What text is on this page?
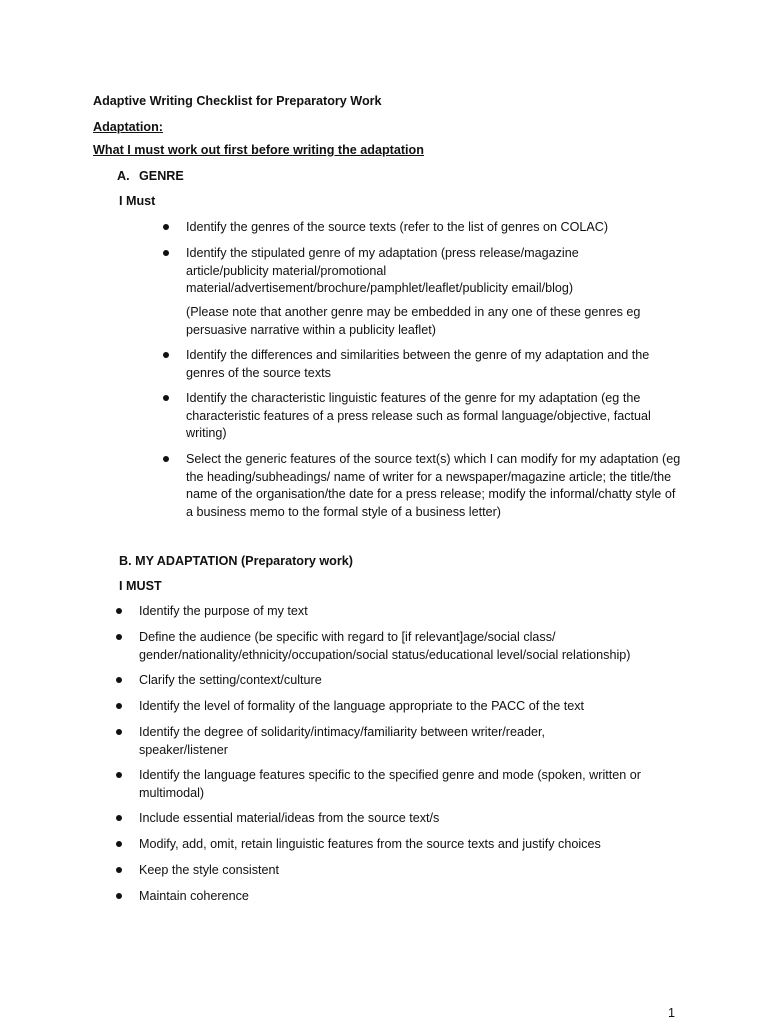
Adaptive Writing Checklist for Preparatory Work
Adaptation:
What I must work out first before writing the adaptation
A. GENRE
I Must
Identify the genres of the source texts (refer to the list of genres on COLAC)
Identify the stipulated genre of my adaptation (press release/magazine article/publicity material/promotional material/advertisement/brochure/pamphlet/leaflet/publicity email/blog)
(Please note that another genre may be embedded in any one of these genres eg persuasive narrative within a publicity leaflet)
Identify the differences and similarities between the genre of my adaptation and the genres of the source texts
Identify the characteristic linguistic features of the genre for my adaptation (eg the characteristic features of a press release such as formal language/objective, factual writing)
Select the generic features of the source text(s) which I can modify for my adaptation (eg the heading/subheadings/ name of writer for a newspaper/magazine article; the title/the name of the organisation/the date for a press release; modify the informal/chatty style of a business memo to the formal style of a business letter)
B. MY ADAPTATION (Preparatory work)
I MUST
Identify the purpose of my text
Define the audience (be specific with regard to [if relevant]age/social class/ gender/nationality/ethnicity/occupation/social status/educational level/social relationship)
Clarify the setting/context/culture
Identify the level of formality of the language appropriate to the PACC of the text
Identify the degree of solidarity/intimacy/familiarity between writer/reader, speaker/listener
Identify the language features specific to the specified genre and mode (spoken, written or multimodal)
Include essential material/ideas from the source text/s
Modify, add, omit, retain linguistic features from the source texts and justify choices
Keep the style consistent
Maintain coherence
1
